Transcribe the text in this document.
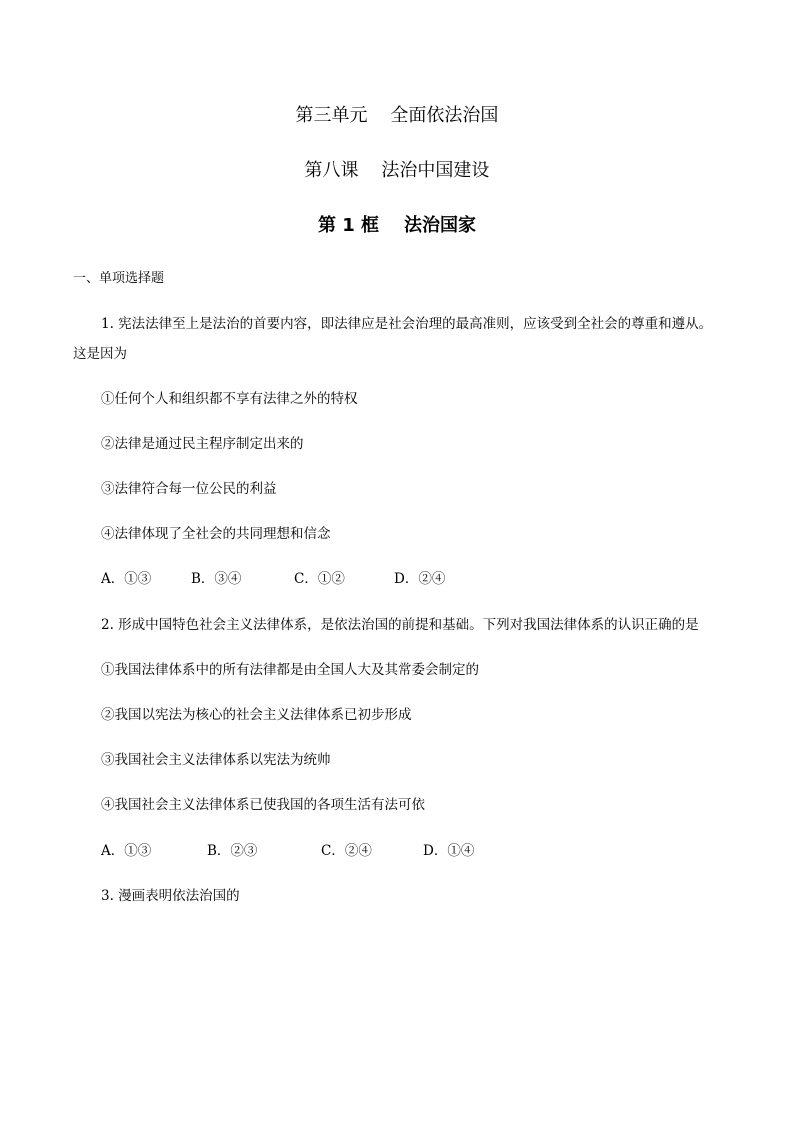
第三单元    全面依法治国
第八课    法治中国建设
第 1 框    法治国家
一、单项选择题
1. 宪法法律至上是法治的首要内容，即法律应是社会治理的最高准则，应该受到全社会的尊重和遵从。
这是因为
①任何个人和组织都不享有法律之外的特权
②法律是通过民主程序制定出来的
③法律符合每一位公民的利益
④法律体现了全社会的共同理想和信念
A．①③	B．③④	C．①②	D．②④
2. 形成中国特色社会主义法律体系，是依法治国的前提和基础。下列对我国法律体系的认识正确的是
①我国法律体系中的所有法律都是由全国人大及其常委会制定的
②我国以宪法为核心的社会主义法律体系已初步形成
③我国社会主义法律体系以宪法为统帅
④我国社会主义法律体系已使我国的各项生活有法可依
A．①③	B．②③	C．②④	D．①④
3. 漫画表明依法治国的
